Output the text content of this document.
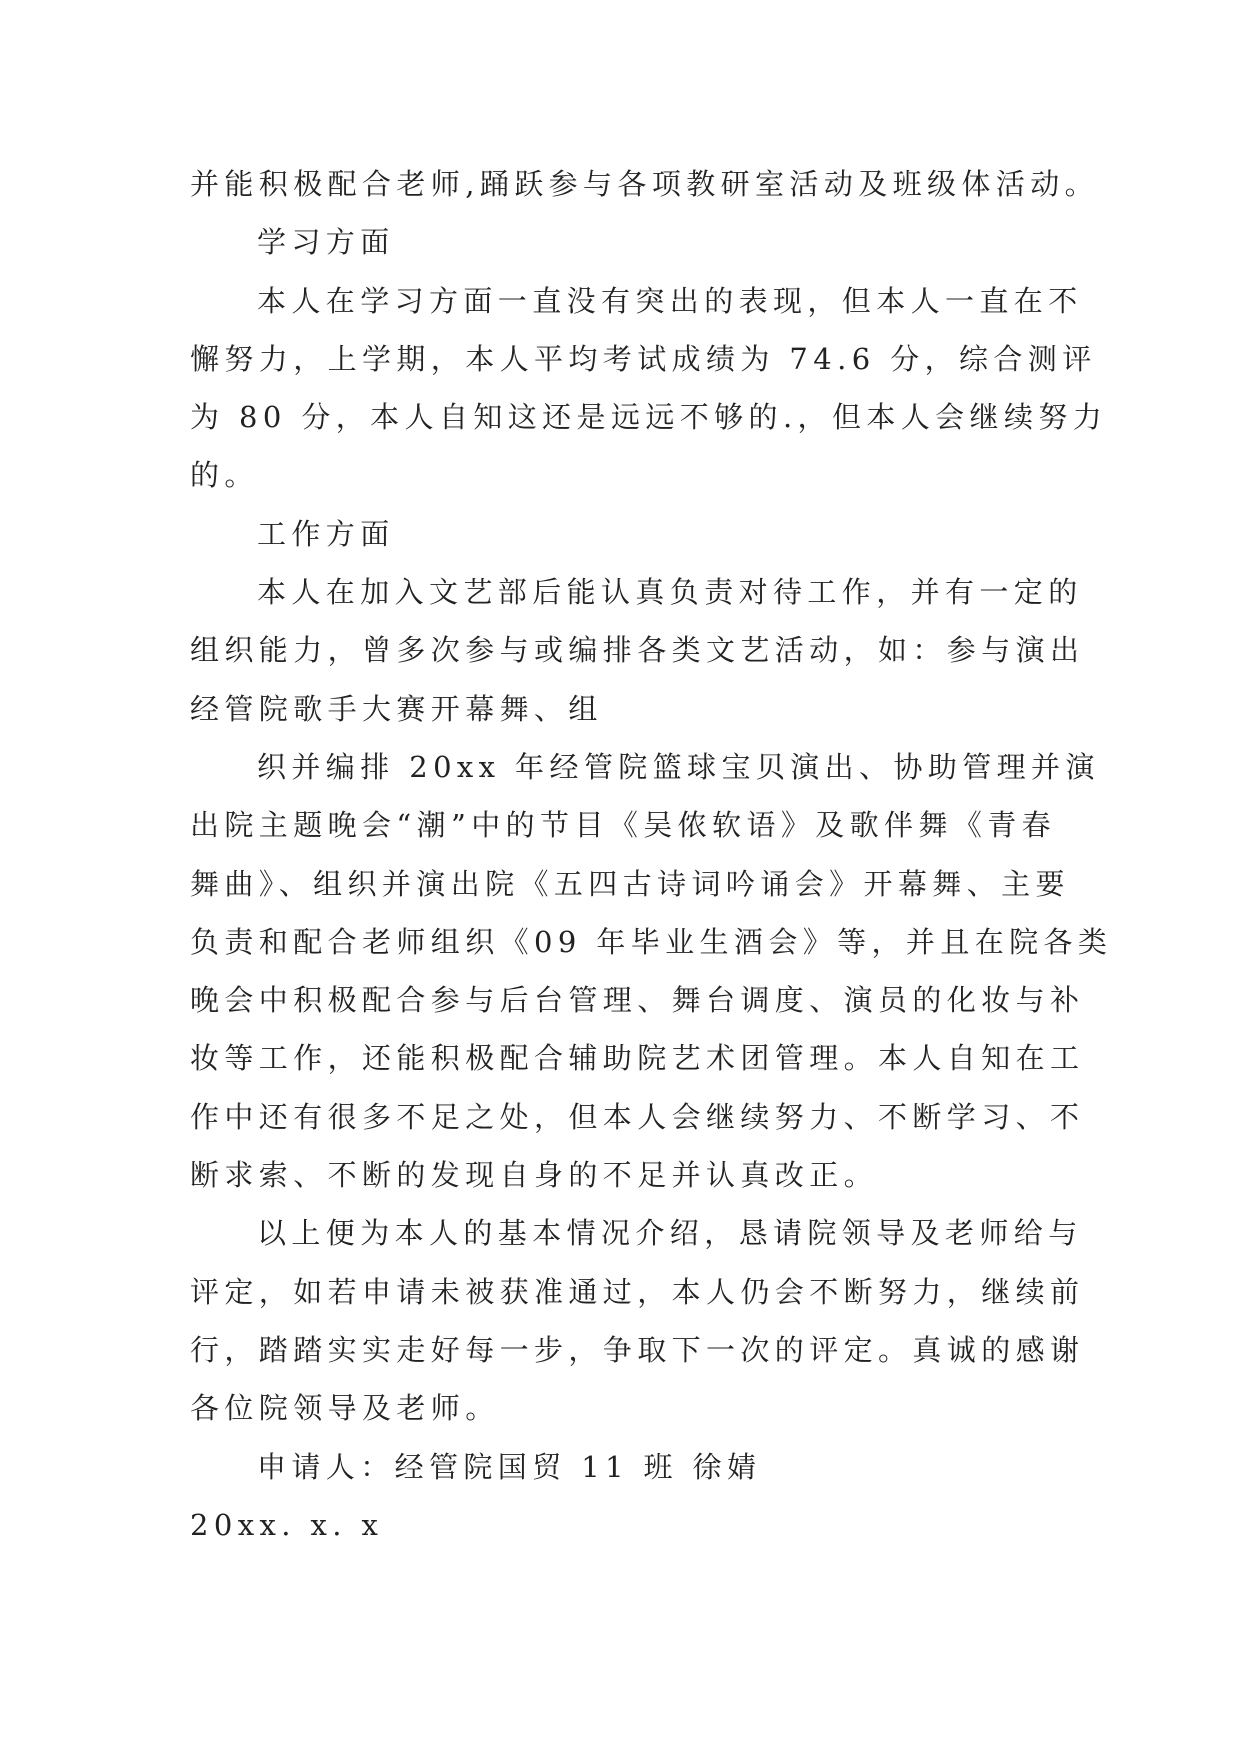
并能积极配合老师,踊跃参与各项教研室活动及班级体活动。
学习方面
本人在学习方面一直没有突出的表现，但本人一直在不
懈努力，上学期，本人平均考试成绩为 74.6 分，综合测评
为 80 分，本人自知这还是远远不够的.，但本人会继续努力
的。
工作方面
本人在加入文艺部后能认真负责对待工作，并有一定的
组织能力，曾多次参与或编排各类文艺活动，如：参与演出
经管院歌手大赛开幕舞、组
织并编排 20xx 年经管院篮球宝贝演出、协助管理并演
出院主题晚会“潮”中的节目《吴侬软语》及歌伴舞《青春
舞曲》、组织并演出院《五四古诗词吟诵会》开幕舞、主要
负责和配合老师组织《09 年毕业生酒会》等，并且在院各类
晚会中积极配合参与后台管理、舞台调度、演员的化妆与补
妆等工作，还能积极配合辅助院艺术团管理。本人自知在工
作中还有很多不足之处，但本人会继续努力、不断学习、不
断求索、不断的发现自身的不足并认真改正。
以上便为本人的基本情况介绍，恳请院领导及老师给与
评定，如若申请未被获准通过，本人仍会不断努力，继续前
行，踏踏实实走好每一步，争取下一次的评定。真诚的感谢
各位院领导及老师。
申请人：经管院国贸 11 班 徐婧
20xx. x. x
